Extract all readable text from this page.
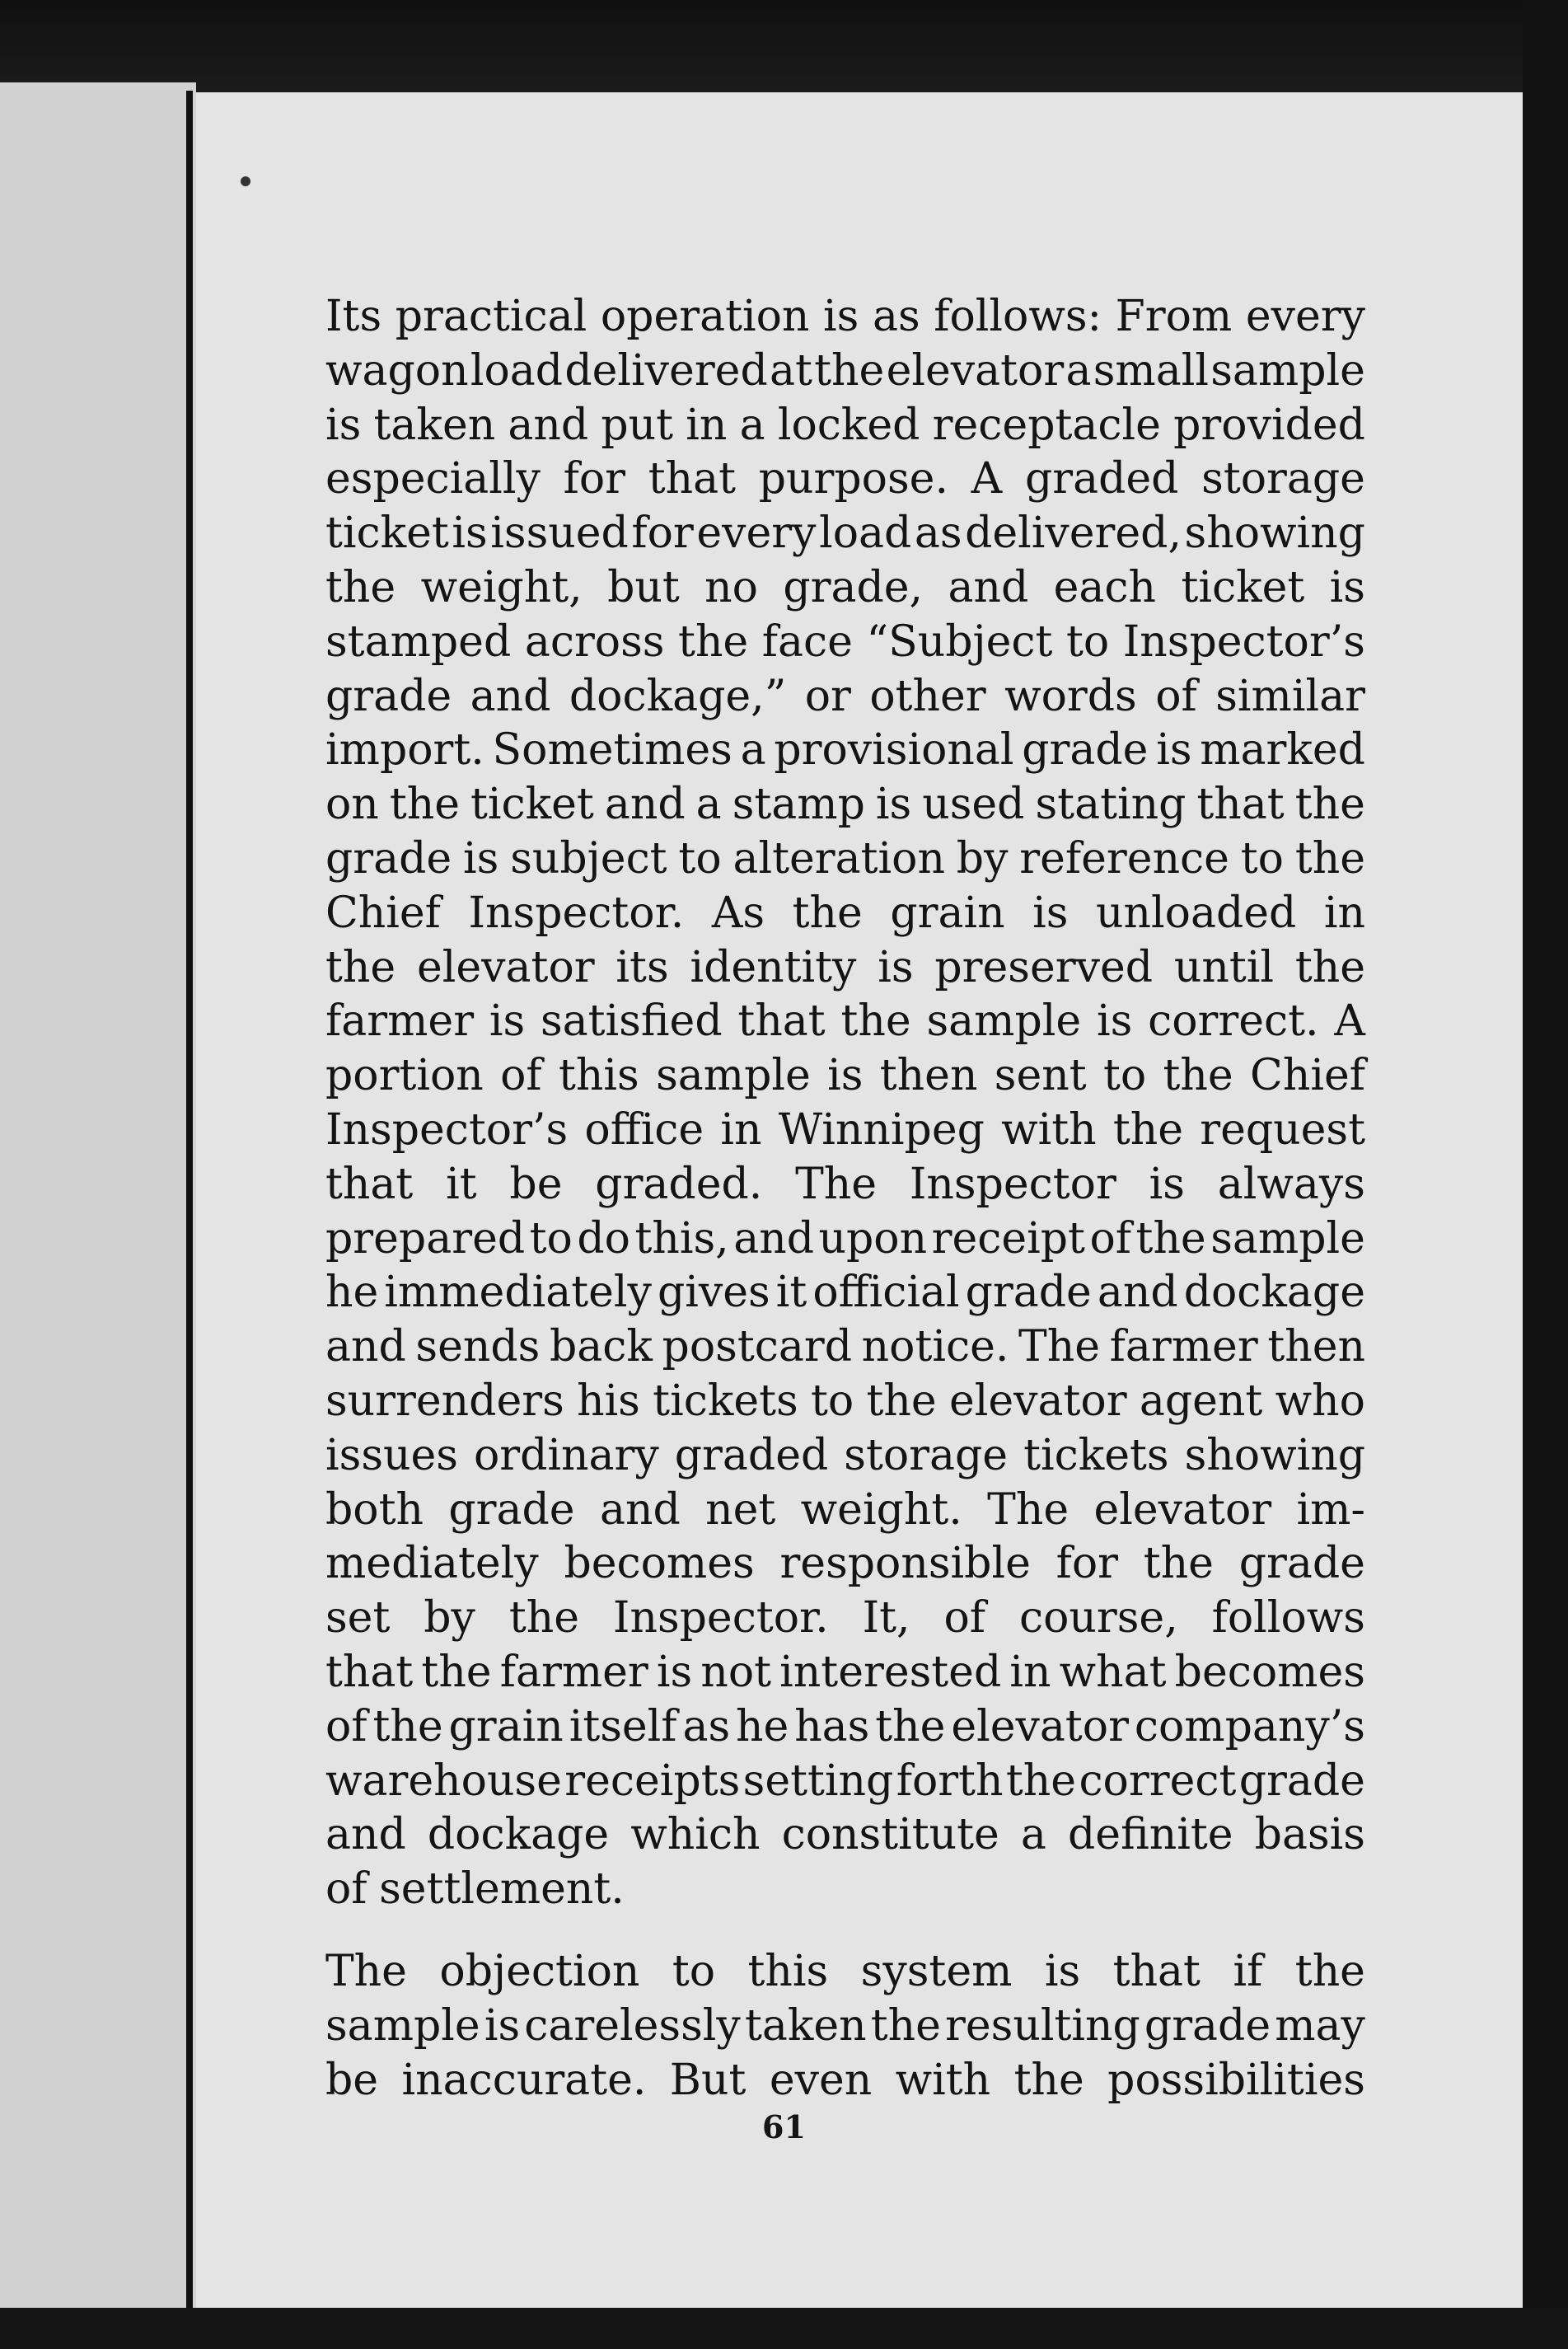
Its practical operation is as follows: From every
wagon load delivered at the elevator a small sample
is taken and put in a locked receptacle provided
especially for that purpose. A graded storage
ticket is issued for every load as delivered, showing
the weight, but no grade, and each ticket is
stamped across the face “Subject to Inspector’s
grade and dockage,” or other words of similar
import. Sometimes a provisional grade is marked
on the ticket and a stamp is used stating that the
grade is subject to alteration by reference to the
Chief Inspector. As the grain is unloaded in
the elevator its identity is preserved until the
farmer is satisfied that the sample is correct. A
portion of this sample is then sent to the Chief
Inspector’s office in Winnipeg with the request
that it be graded. The Inspector is always
prepared to do this, and upon receipt of the sample
he immediately gives it official grade and dockage
and sends back postcard notice. The farmer then
surrenders his tickets to the elevator agent who
issues ordinary graded storage tickets showing
both grade and net weight. The elevator im-
mediately becomes responsible for the grade
set by the Inspector. It, of course, follows
that the farmer is not interested in what becomes
of the grain itself as he has the elevator company’s
warehouse receipts setting forth the correct grade
and dockage which constitute a definite basis
of settlement.
The objection to this system is that if the
sample is carelessly taken the resulting grade may
be inaccurate. But even with the possibilities
61
